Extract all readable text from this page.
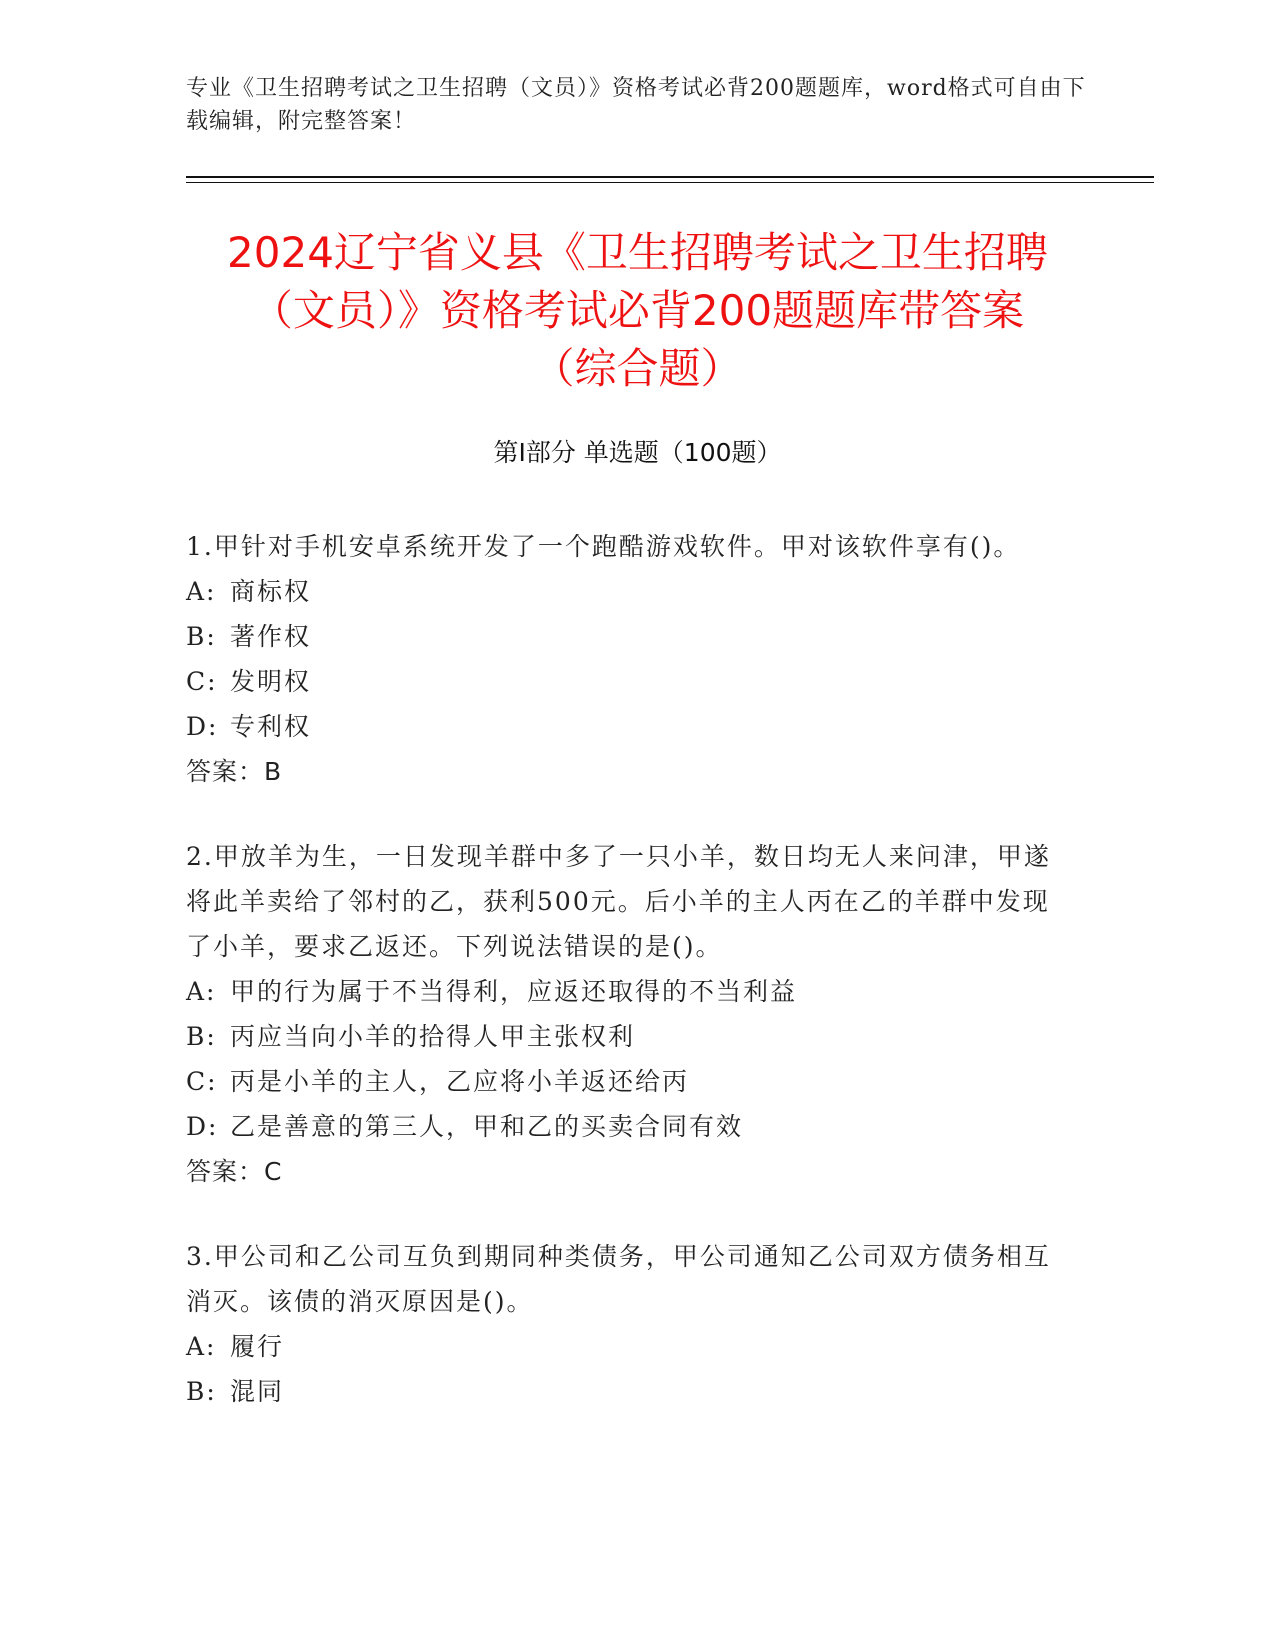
专业《卫生招聘考试之卫生招聘（文员）》资格考试必背200题题库，word格式可自由下载编辑，附完整答案！
2024辽宁省义县《卫生招聘考试之卫生招聘
（文员）》资格考试必背200题题库带答案
（综合题）
第Ⅰ部分 单选题（100题）

1.甲针对手机安卓系统开发了一个跑酷游戏软件。甲对该软件享有()。

A: 商标权

B: 著作权

C: 发明权

D: 专利权

答案：B

2.甲放羊为生，一日发现羊群中多了一只小羊，数日均无人来问津，甲遂将此羊卖给了邻村的乙，获利500元。后小羊的主人丙在乙的羊群中发现了小羊，要求乙返还。下列说法错误的是()。

A: 甲的行为属于不当得利，应返还取得的不当利益

B: 丙应当向小羊的拾得人甲主张权利

C: 丙是小羊的主人，乙应将小羊返还给丙

D: 乙是善意的第三人，甲和乙的买卖合同有效

答案：C

3.甲公司和乙公司互负到期同种类债务，甲公司通知乙公司双方债务相互消灭。该债的消灭原因是()。

A: 履行

B: 混同
